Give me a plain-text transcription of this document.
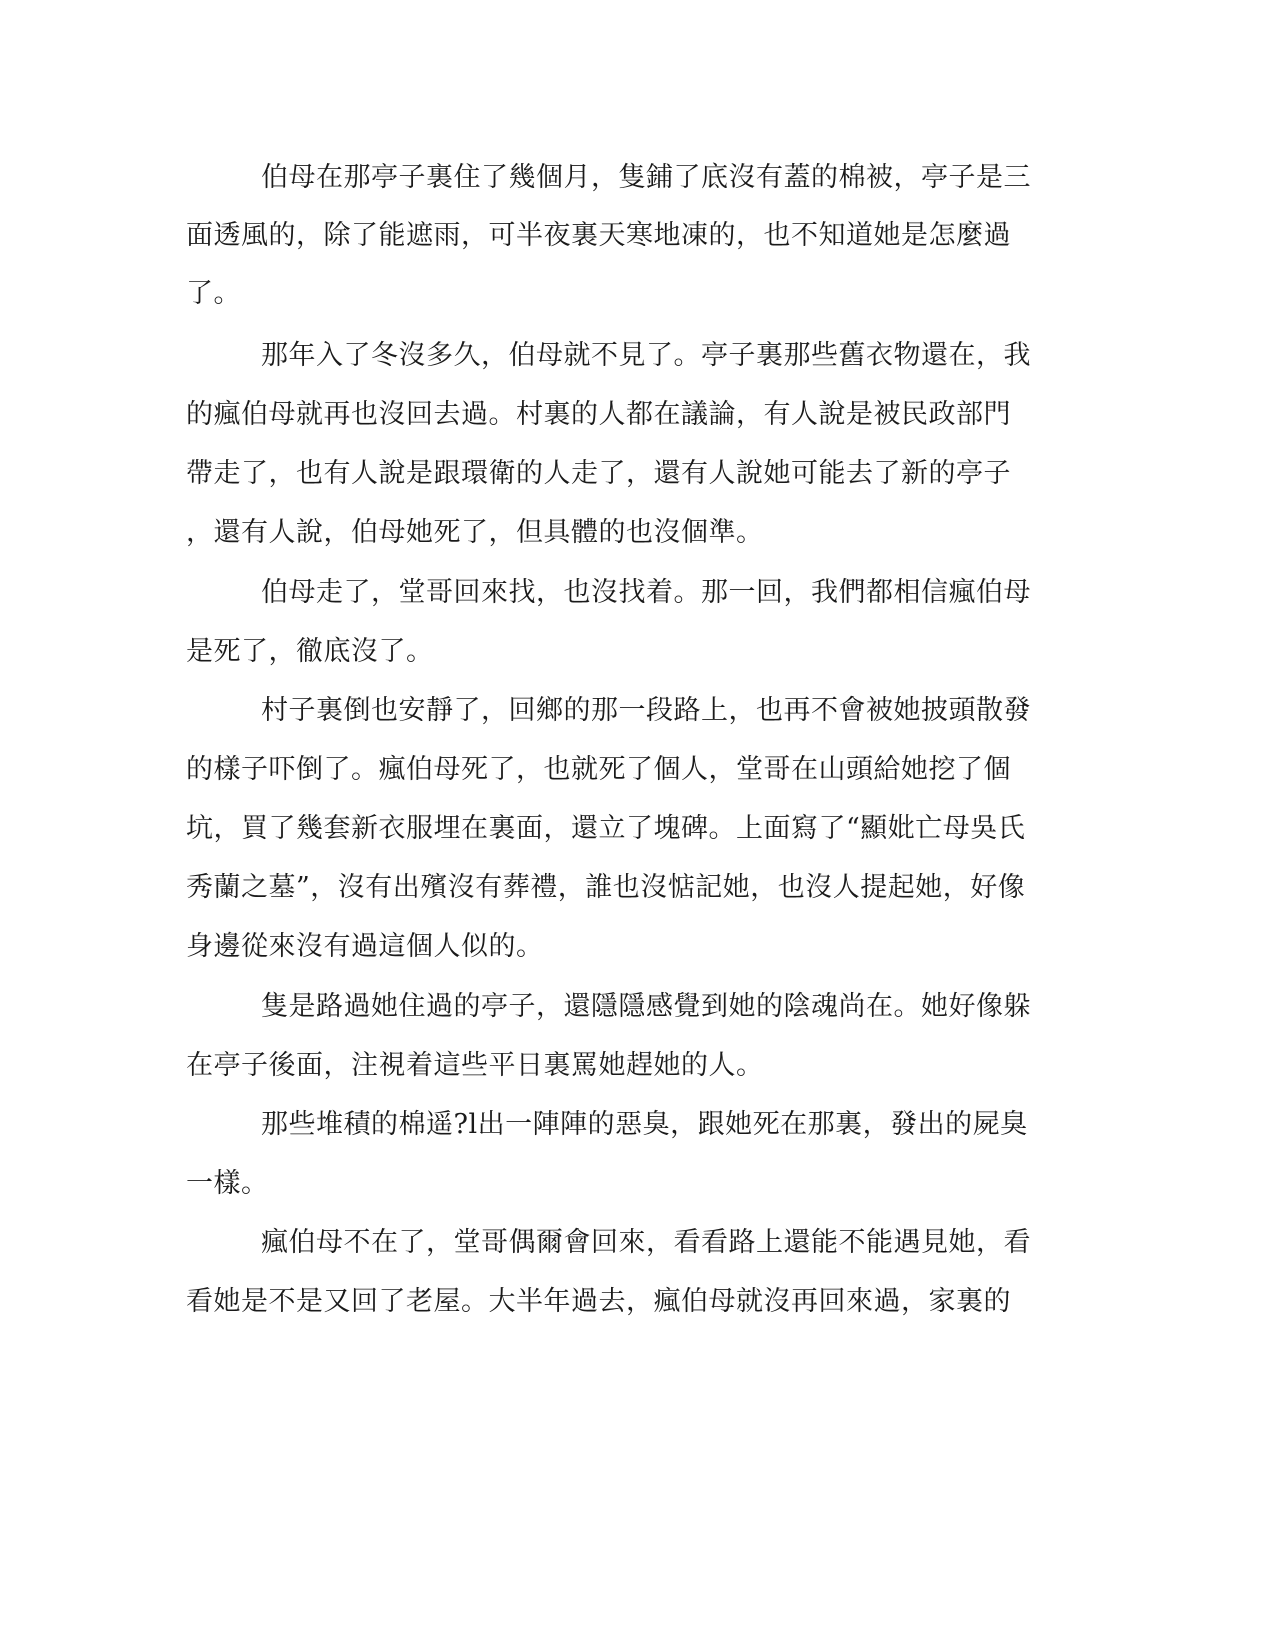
伯母在那亭子裏住了幾個月，隻鋪了底沒有蓋的棉被，亭子是三
面透風的，除了能遮雨，可半夜裏天寒地凍的，也不知道她是怎麼過
了。
那年入了冬沒多久，伯母就不見了。亭子裏那些舊衣物還在，我
的瘋伯母就再也沒回去過。村裏的人都在議論，有人說是被民政部門
帶走了，也有人說是跟環衛的人走了，還有人說她可能去了新的亭子
，還有人說，伯母她死了，但具體的也沒個準。
伯母走了，堂哥回來找，也沒找着。那一回，我們都相信瘋伯母
是死了，徹底沒了。
村子裏倒也安靜了，回鄉的那一段路上，也再不會被她披頭散發
的樣子吓倒了。瘋伯母死了，也就死了個人，堂哥在山頭給她挖了個
坑，買了幾套新衣服埋在裏面，還立了塊碑。上面寫了“顯妣亡母吳氏
秀蘭之墓”，沒有出殯沒有葬禮，誰也沒惦記她，也沒人提起她，好像
身邊從來沒有過這個人似的。
隻是路過她住過的亭子，還隱隱感覺到她的陰魂尚在。她好像躲
在亭子後面，注視着這些平日裏罵她趕她的人。
那些堆積的棉遥?l出一陣陣的惡臭，跟她死在那裏，發出的屍臭
一樣。
瘋伯母不在了，堂哥偶爾會回來，看看路上還能不能遇見她，看
看她是不是又回了老屋。大半年過去，瘋伯母就沒再回來過，家裏的
